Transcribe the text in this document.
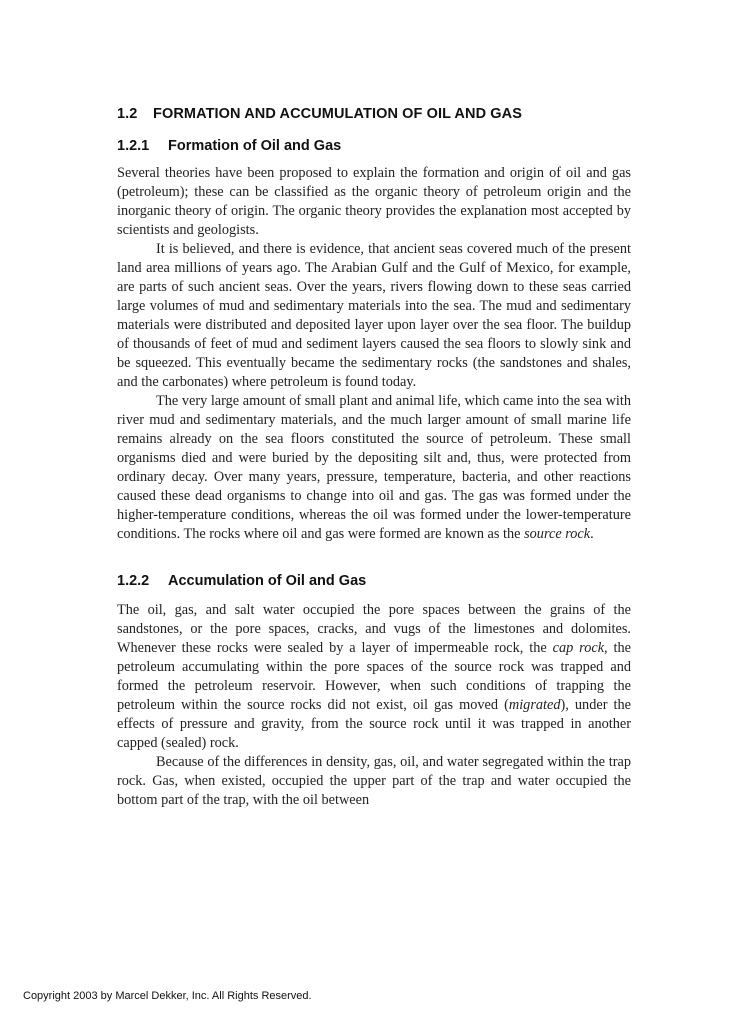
1.2 FORMATION AND ACCUMULATION OF OIL AND GAS
1.2.1 Formation of Oil and Gas

Several theories have been proposed to explain the formation and origin of oil and gas (petroleum); these can be classified as the organic theory of petroleum origin and the inorganic theory of origin. The organic theory provides the explanation most accepted by scientists and geologists.

It is believed, and there is evidence, that ancient seas covered much of the present land area millions of years ago. The Arabian Gulf and the Gulf of Mexico, for example, are parts of such ancient seas. Over the years, rivers flowing down to these seas carried large volumes of mud and sedimentary materials into the sea. The mud and sedimentary materials were distributed and deposited layer upon layer over the sea floor. The buildup of thousands of feet of mud and sediment layers caused the sea floors to slowly sink and be squeezed. This eventually became the sedimentary rocks (the sandstones and shales, and the carbonates) where petroleum is found today.

The very large amount of small plant and animal life, which came into the sea with river mud and sedimentary materials, and the much larger amount of small marine life remains already on the sea floors constituted the source of petroleum. These small organisms died and were buried by the depositing silt and, thus, were protected from ordinary decay. Over many years, pressure, temperature, bacteria, and other reactions caused these dead organisms to change into oil and gas. The gas was formed under the higher-temperature conditions, whereas the oil was formed under the lower-temperature conditions. The rocks where oil and gas were formed are known as the source rock.

1.2.2 Accumulation of Oil and Gas

The oil, gas, and salt water occupied the pore spaces between the grains of the sandstones, or the pore spaces, cracks, and vugs of the limestones and dolomites. Whenever these rocks were sealed by a layer of impermeable rock, the cap rock, the petroleum accumulating within the pore spaces of the source rock was trapped and formed the petroleum reservoir. However, when such conditions of trapping the petroleum within the source rocks did not exist, oil gas moved (migrated), under the effects of pressure and gravity, from the source rock until it was trapped in another capped (sealed) rock.

Because of the differences in density, gas, oil, and water segregated within the trap rock. Gas, when existed, occupied the upper part of the trap and water occupied the bottom part of the trap, with the oil between

Copyright 2003 by Marcel Dekker, Inc. All Rights Reserved.
